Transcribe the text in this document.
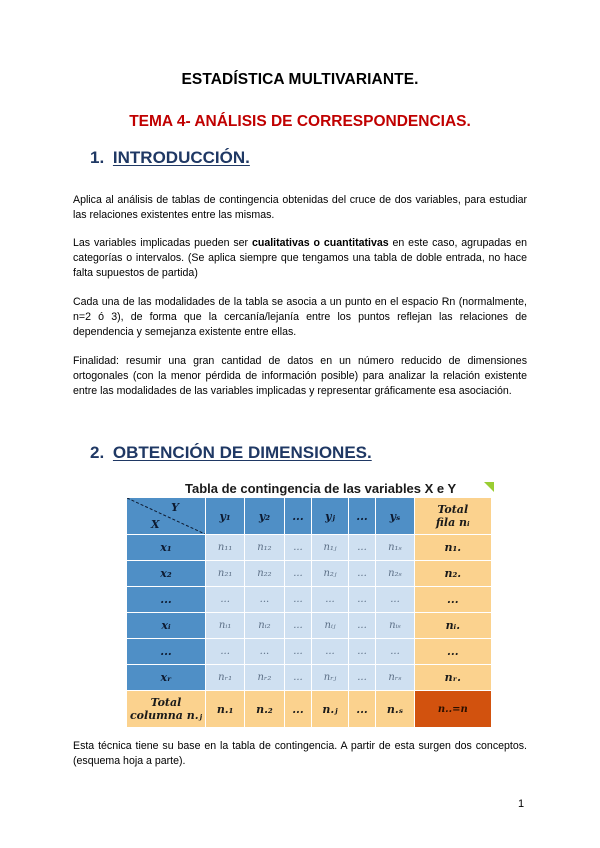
ESTADÍSTICA MULTIVARIANTE.
TEMA 4- ANÁLISIS DE CORRESPONDENCIAS.
1. INTRODUCCIÓN.
Aplica al análisis de tablas de contingencia obtenidas del cruce de dos variables, para estudiar las relaciones existentes entre las mismas.
Las variables implicadas pueden ser cualitativas o cuantitativas en este caso, agrupadas en categorías o intervalos. (Se aplica siempre que tengamos una tabla de doble entrada, no hace falta supuestos de partida)
Cada una de las modalidades de la tabla se asocia a un punto en el espacio Rn (normalmente, n=2 ó 3), de forma que la cercanía/lejanía entre los puntos reflejan las relaciones de dependencia y semejanza existente entre ellas.
Finalidad: resumir una gran cantidad de datos en un número reducido de dimensiones ortogonales (con la menor pérdida de información posible) para analizar la relación existente entre las modalidades de las variables implicadas y representar gráficamente esa asociación.
2. OBTENCIÓN DE DIMENSIONES.
Tabla de contingencia de las variables X e Y
Y
X	y₁	y₂	...	yⱼ	...	yₛ	Total
fila nᵢ
x₁	n₁₁	n₁₂	...	n₁ⱼ	...	n₁ₛ	n₁.
x₂	n₂₁	n₂₂	...	n₂ⱼ	...	n₂ₛ	n₂.
...	...	...	...	...	...	...	...
xᵢ	nᵢ₁	nᵢ₂	...	nᵢⱼ	...	nᵢₛ	nᵢ.
...	...	...	...	...	...	...	...
xᵣ	nᵣ₁	nᵣ₂	...	nᵣⱼ	...	nᵣₛ	nᵣ.
Total
columna n.ⱼ	n.₁	n.₂	...	n.ⱼ	...	n.ₛ	n..=n
Esta técnica tiene su base en la tabla de contingencia. A partir de esta surgen dos conceptos. (esquema hoja a parte).
1
